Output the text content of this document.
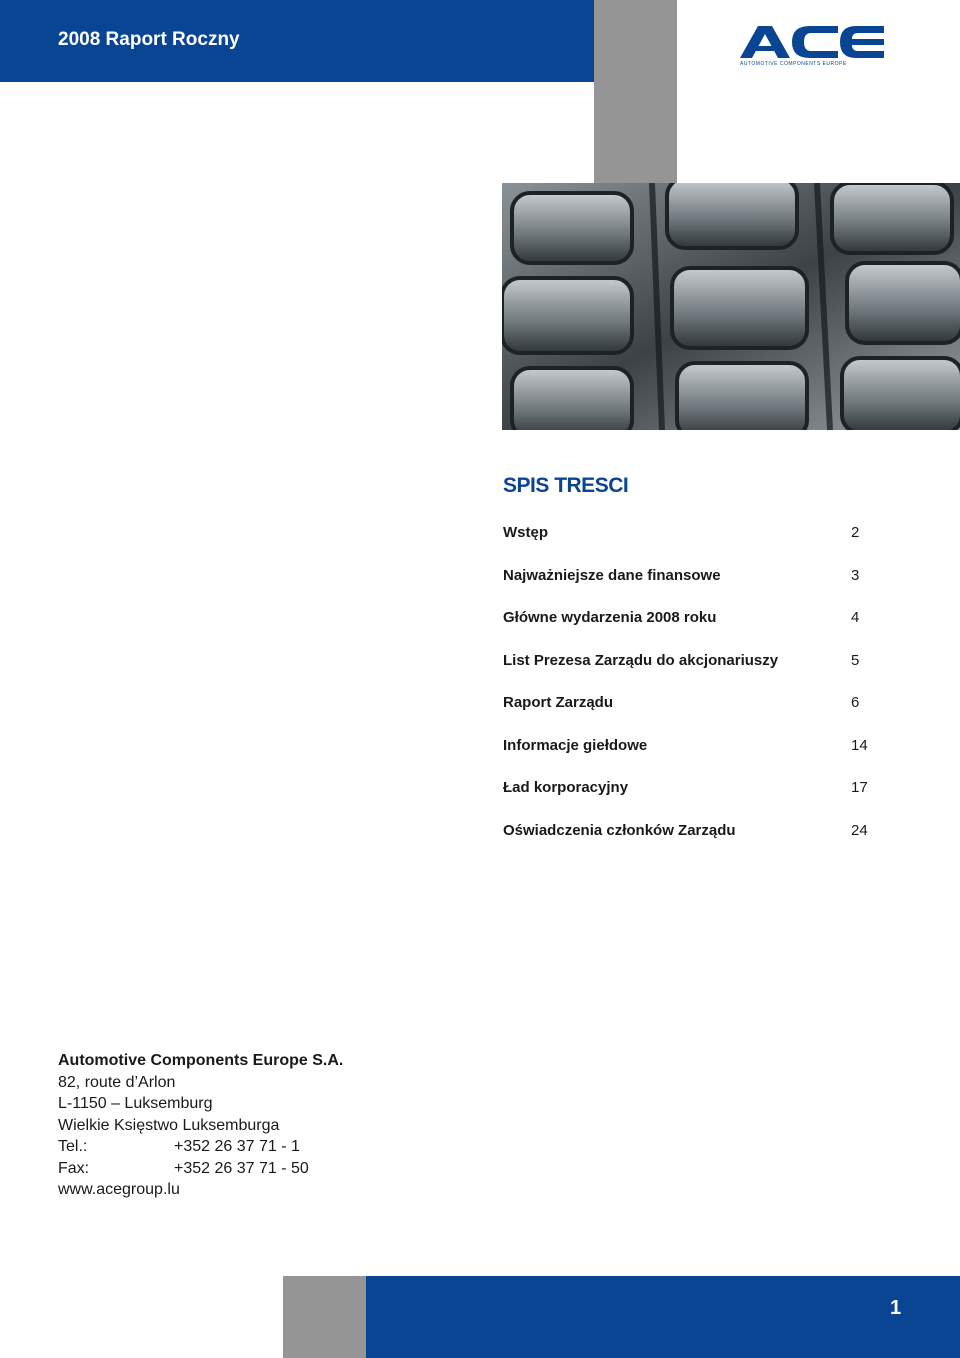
2008 Raport Roczny
AUTOMOTIVE COMPONENTS EUROPE
SPIS TRESCI
Wstęp	2
Najważniejsze dane finansowe	3
Główne wydarzenia 2008 roku	4
List Prezesa Zarządu do akcjonariuszy	5
Raport Zarządu	6
Informacje giełdowe	14
Ład korporacyjny	17
Oświadczenia członków Zarządu	24
Automotive Components Europe S.A.
82, route d’Arlon
L-1150 – Luksemburg
Wielkie Księstwo Luksemburga
Tel.:	+352 26 37 71 - 1
Fax:	+352 26 37 71 - 50
www.acegroup.lu
1
